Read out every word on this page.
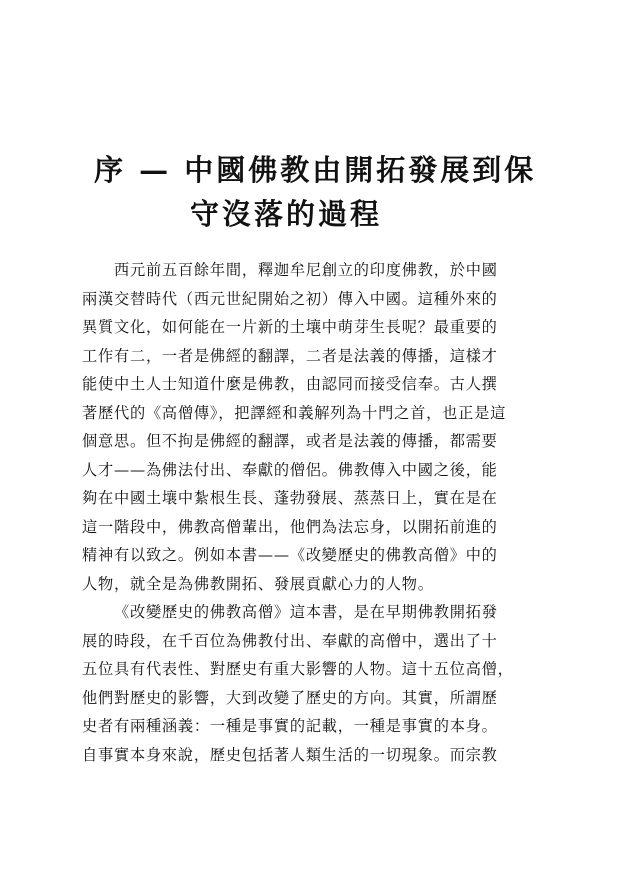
序 — 中國佛教由開拓發展到保
守沒落的過程
西元前五百餘年間，釋迦牟尼創立的印度佛教，於中國
兩漢交替時代（西元世紀開始之初）傳入中國。這種外來的
異質文化，如何能在一片新的土壤中萌芽生長呢？最重要的
工作有二，一者是佛經的翻譯，二者是法義的傳播，這樣才
能使中土人士知道什麼是佛教，由認同而接受信奉。古人撰
著歷代的《高僧傳》，把譯經和義解列為十門之首，也正是這
個意思。但不拘是佛經的翻譯，或者是法義的傳播，都需要
人才——為佛法付出、奉獻的僧侶。佛教傳入中國之後，能
夠在中國土壤中紮根生長、蓬勃發展、蒸蒸日上，實在是在
這一階段中，佛教高僧輩出，他們為法忘身，以開拓前進的
精神有以致之。例如本書——《改變歷史的佛教高僧》中的
人物，就全是為佛教開拓、發展貢獻心力的人物。
《改變歷史的佛教高僧》這本書，是在早期佛教開拓發
展的時段，在千百位為佛教付出、奉獻的高僧中，選出了十
五位具有代表性、對歷史有重大影響的人物。這十五位高僧，
他們對歷史的影響，大到改變了歷史的方向。其實，所謂歷
史者有兩種涵義：一種是事實的記載，一種是事實的本身。
自事實本身來說，歷史包括著人類生活的一切現象。而宗教
